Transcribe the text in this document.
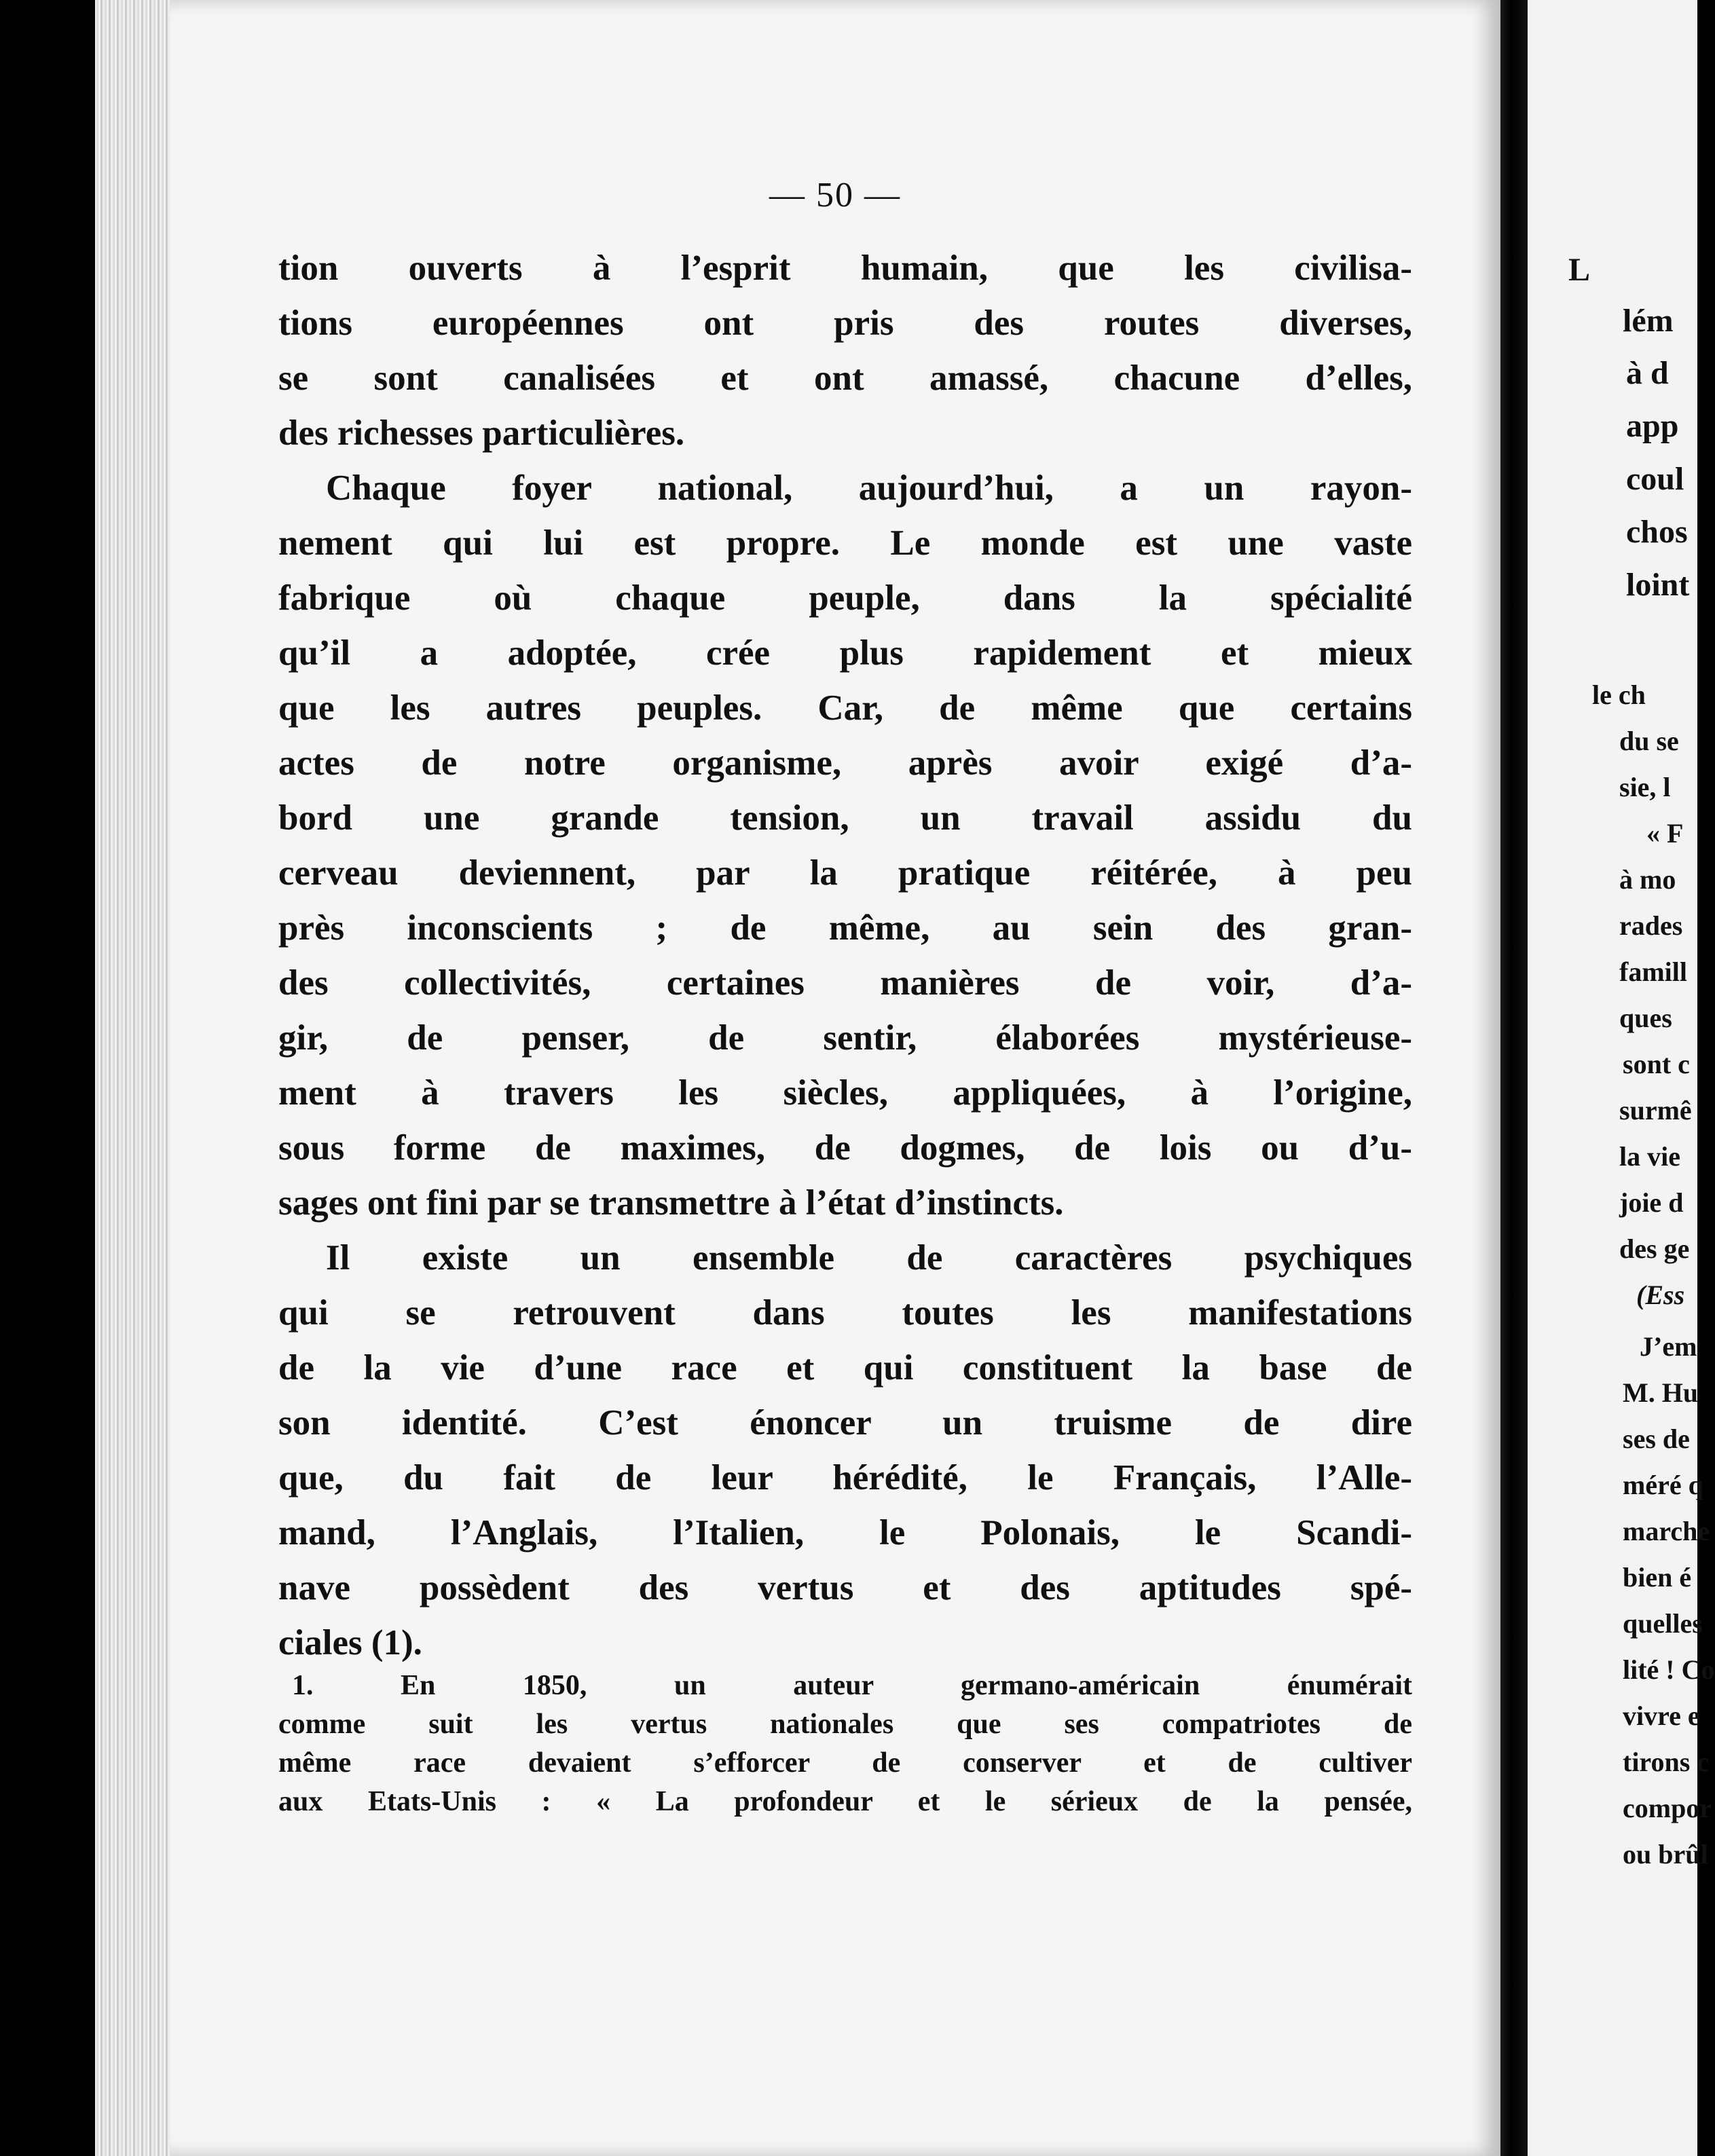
— 50 —
tion ouverts à l’esprit humain, que les civilisa-
tions européennes ont pris des routes diverses,
se sont canalisées et ont amassé, chacune d’elles,
des richesses particulières.
Chaque foyer national, aujourd’hui, a un rayon-
nement qui lui est propre. Le monde est une vaste
fabrique où chaque peuple, dans la spécialité
qu’il a adoptée, crée plus rapidement et mieux
que les autres peuples. Car, de même que certains
actes de notre organisme, après avoir exigé d’a-
bord une grande tension, un travail assidu du
cerveau deviennent, par la pratique réitérée, à peu
près inconscients ; de même, au sein des gran-
des collectivités, certaines manières de voir, d’a-
gir, de penser, de sentir, élaborées mystérieuse-
ment à travers les siècles, appliquées, à l’origine,
sous forme de maximes, de dogmes, de lois ou d’u-
sages ont fini par se transmettre à l’état d’instincts.
Il existe un ensemble de caractères psychiques
qui se retrouvent dans toutes les manifestations
de la vie d’une race et qui constituent la base de
son identité. C’est énoncer un truisme de dire
que, du fait de leur hérédité, le Français, l’Alle-
mand, l’Anglais, l’Italien, le Polonais, le Scandi-
nave possèdent des vertus et des aptitudes spé-
ciales (1).
1. En 1850, un auteur germano-américain énumérait
comme suit les vertus nationales que ses compatriotes de
même race devaient s’efforcer de conserver et de cultiver
aux Etats-Unis : « La profondeur et le sérieux de la pensée,
L
lém
à d
app
coul
chos
loint
le ch
du se
sie, l
« F
à mo
rades
famill
ques
sont c
surmê
la vie
joie d
des ge
(Ess
J’em
M. Hu
ses de
méré q
marche
bien é
quelles
lité ! Co
vivre e
tirons c
compor
ou brûl
